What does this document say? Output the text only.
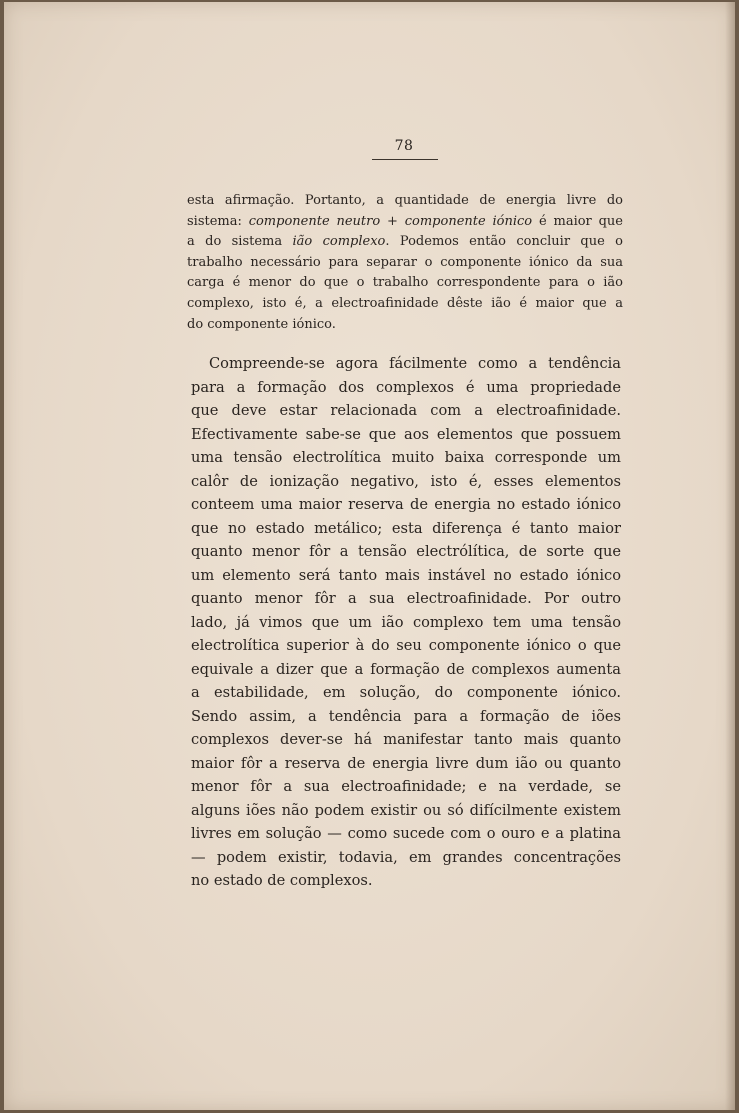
78

esta afirmação. Portanto, a quantidade de energia livre do
sistema: componente neutro + componente iónico é maior que
a do sistema ião complexo. Podemos então concluir que o
trabalho necessário para separar o componente iónico da sua
carga é menor do que o trabalho correspondente para o ião
complexo, isto é, a electroafinidade dêste ião é maior que a
do componente iónico.

Compreende-se agora fácilmente como a tendência
para a formação dos complexos é uma propriedade
que deve estar relacionada com a electroafinidade.
Efectivamente sabe-se que aos elementos que possuem
uma tensão electrolítica muito baixa corresponde um
calôr de ionização negativo, isto é, esses elementos
conteem uma maior reserva de energia no estado iónico
que no estado metálico; esta diferença é tanto maior
quanto menor fôr a tensão electrólítica, de sorte que
um elemento será tanto mais instável no estado iónico
quanto menor fôr a sua electroafinidade. Por outro
lado, já vimos que um ião complexo tem uma tensão
electrolítica superior à do seu componente iónico o que
equivale a dizer que a formação de complexos aumenta
a estabilidade, em solução, do componente iónico.
Sendo assim, a tendência para a formação de iões
complexos dever-se há manifestar tanto mais quanto
maior fôr a reserva de energia livre dum ião ou quanto
menor fôr a sua electroafinidade; e na verdade, se
alguns iões não podem existir ou só difícilmente existem
livres em solução — como sucede com o ouro e a platina
— podem existir, todavia, em grandes concentrações
no estado de complexos.
